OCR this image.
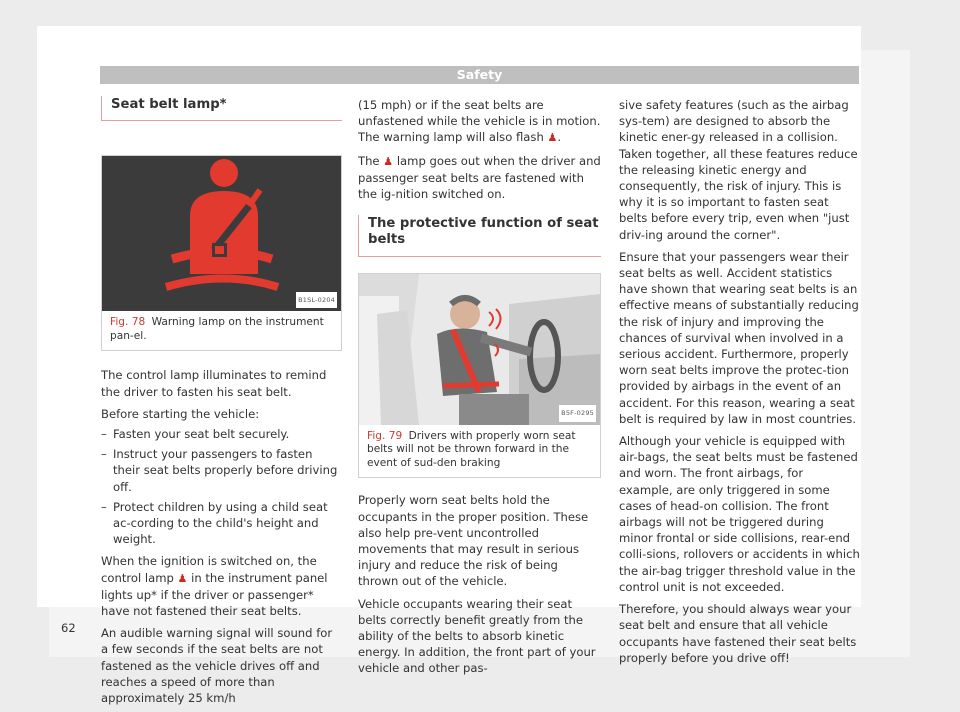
Safety
Seat belt lamp*
B1SL-0204
Fig. 78 Warning lamp on the instrument pan-el.

The control lamp illuminates to remind the driver to fasten his seat belt.

Before starting the vehicle:

– Fasten your seat belt securely.
– Instruct your passengers to fasten their seat belts properly before driving off.
– Protect children by using a child seat ac-cording to the child's height and weight.

When the ignition is switched on, the control lamp ♟ in the instrument panel lights up* if the driver or passenger* have not fastened their seat belts.

An audible warning signal will sound for a few seconds if the seat belts are not fastened as the vehicle drives off and reaches a speed of more than approximately 25 km/h

(15 mph) or if the seat belts are unfastened while the vehicle is in motion. The warning lamp will also flash ♟.

The ♟ lamp goes out when the driver and passenger seat belts are fastened with the ig-nition switched on.

The protective function of seat belts
B5F-0295
Fig. 79 Drivers with properly worn seat belts will not be thrown forward in the event of sud-den braking

Properly worn seat belts hold the occupants in the proper position. These also help pre-vent uncontrolled movements that may result in serious injury and reduce the risk of being thrown out of the vehicle.

Vehicle occupants wearing their seat belts correctly benefit greatly from the ability of the belts to absorb kinetic energy. In addition, the front part of your vehicle and other pas-

sive safety features (such as the airbag sys-tem) are designed to absorb the kinetic ener-gy released in a collision. Taken together, all these features reduce the releasing kinetic energy and consequently, the risk of injury. This is why it is so important to fasten seat belts before every trip, even when "just driv-ing around the corner".

Ensure that your passengers wear their seat belts as well. Accident statistics have shown that wearing seat belts is an effective means of substantially reducing the risk of injury and improving the chances of survival when involved in a serious accident. Furthermore, properly worn seat belts improve the protec-tion provided by airbags in the event of an accident. For this reason, wearing a seat belt is required by law in most countries.

Although your vehicle is equipped with air-bags, the seat belts must be fastened and worn. The front airbags, for example, are only triggered in some cases of head-on collision. The front airbags will not be triggered during minor frontal or side collisions, rear-end colli-sions, rollovers or accidents in which the air-bag trigger threshold value in the control unit is not exceeded.

Therefore, you should always wear your seat belt and ensure that all vehicle occupants have fastened their seat belts properly before you drive off!

62
